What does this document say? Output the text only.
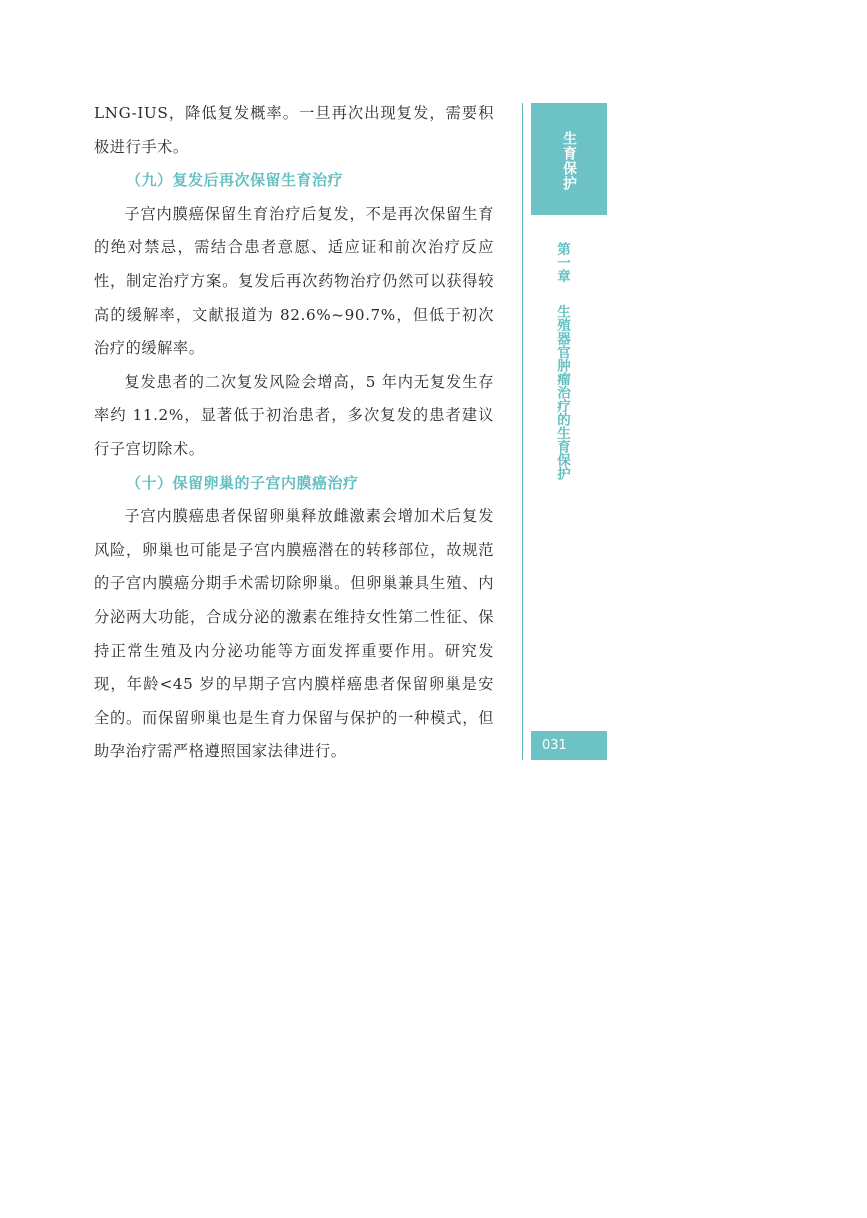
LNG-IUS，降低复发概率。一旦再次出现复发，需要积极进行手术。

（九）复发后再次保留生育治疗

子宫内膜癌保留生育治疗后复发，不是再次保留生育的绝对禁忌，需结合患者意愿、适应证和前次治疗反应性，制定治疗方案。复发后再次药物治疗仍然可以获得较高的缓解率，文献报道为 82.6%~90.7%，但低于初次治疗的缓解率。

复发患者的二次复发风险会增高，5 年内无复发生存率约 11.2%，显著低于初治患者，多次复发的患者建议行子宫切除术。

（十）保留卵巢的子宫内膜癌治疗

子宫内膜癌患者保留卵巢释放雌激素会增加术后复发风险，卵巢也可能是子宫内膜癌潜在的转移部位，故规范的子宫内膜癌分期手术需切除卵巢。但卵巢兼具生殖、内分泌两大功能，合成分泌的激素在维持女性第二性征、保持正常生殖及内分泌功能等方面发挥重要作用。研究发现，年龄<45 岁的早期子宫内膜样癌患者保留卵巢是安全的。而保留卵巢也是生育力保留与保护的一种模式，但助孕治疗需严格遵照国家法律进行。

生育保护
第一章生殖器官肿瘤治疗的生育保护
031
